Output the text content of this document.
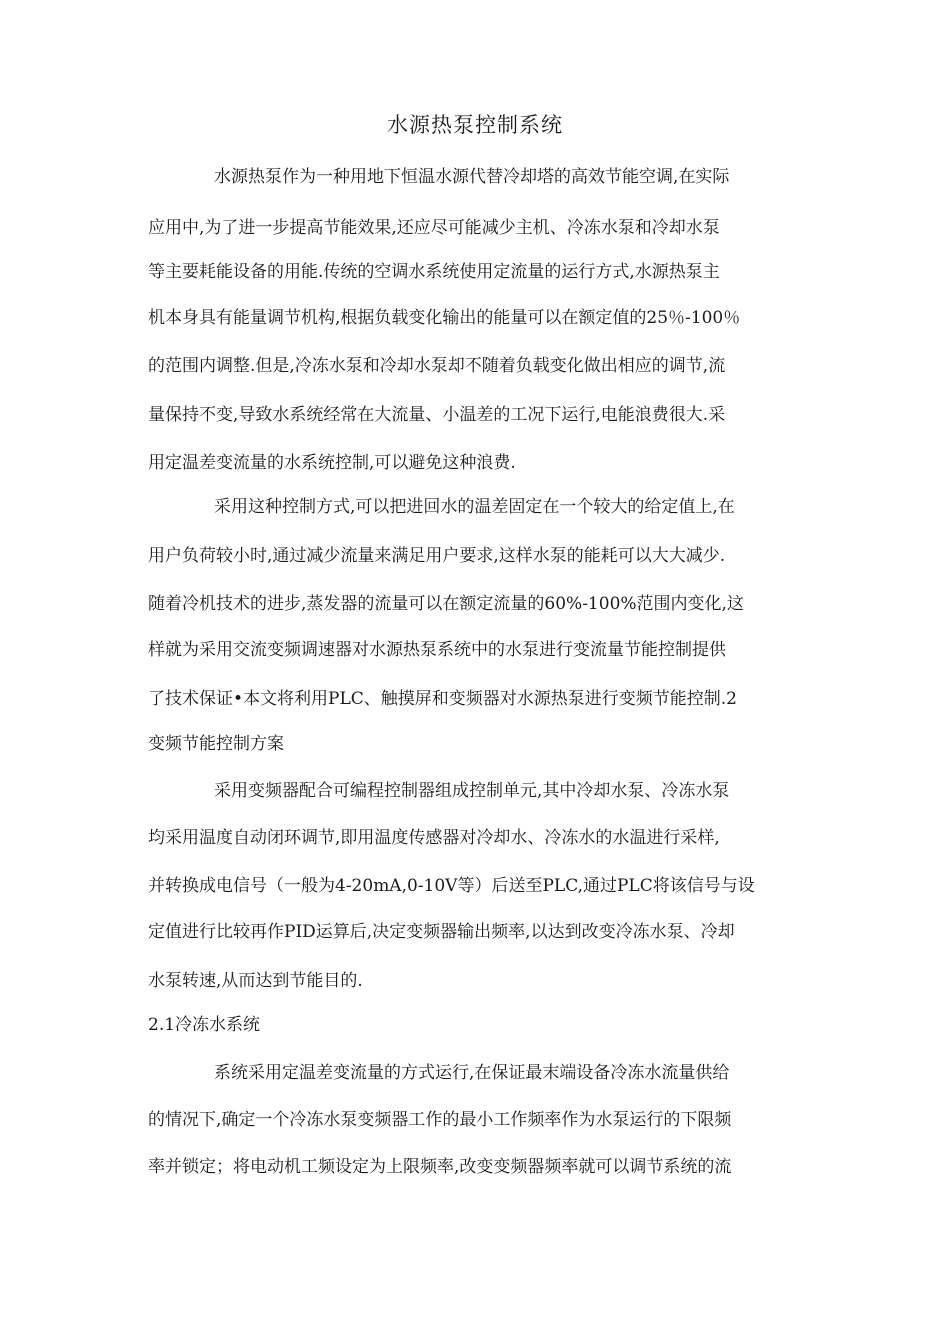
水源热泵控制系统
水源热泵作为一种用地下恒温水源代替冷却塔的高效节能空调,在实际
应用中,为了进一步提高节能效果,还应尽可能减少主机、冷冻水泵和冷却水泵
等主要耗能设备的用能.传统的空调水系统使用定流量的运行方式,水源热泵主
机本身具有能量调节机构,根据负载变化输出的能量可以在额定值的25％-100％
的范围内调整.但是,冷冻水泵和冷却水泵却不随着负载变化做出相应的调节,流
量保持不变,导致水系统经常在大流量、小温差的工况下运行,电能浪费很大.采
用定温差变流量的水系统控制,可以避免这种浪费.
采用这种控制方式,可以把进回水的温差固定在一个较大的给定值上,在
用户负荷较小时,通过减少流量来满足用户要求,这样水泵的能耗可以大大减少.
随着冷机技术的进步,蒸发器的流量可以在额定流量的60%-100%范围内变化,这
样就为采用交流变频调速器对水源热泵系统中的水泵进行变流量节能控制提供
了技术保证•本文将利用PLC、触摸屏和变频器对水源热泵进行变频节能控制.2
变频节能控制方案
采用变频器配合可编程控制器组成控制单元,其中冷却水泵、冷冻水泵
均采用温度自动闭环调节,即用温度传感器对冷却水、冷冻水的水温进行采样,
并转换成电信号（一般为4-20mA,0-10V等）后送至PLC,通过PLC将该信号与设
定值进行比较再作PID运算后,决定变频器输出频率,以达到改变冷冻水泵、冷却
水泵转速,从而达到节能目的.
2.1冷冻水系统
系统采用定温差变流量的方式运行,在保证最末端设备冷冻水流量供给
的情况下,确定一个冷冻水泵变频器工作的最小工作频率作为水泵运行的下限频
率并锁定；将电动机工频设定为上限频率,改变变频器频率就可以调节系统的流
